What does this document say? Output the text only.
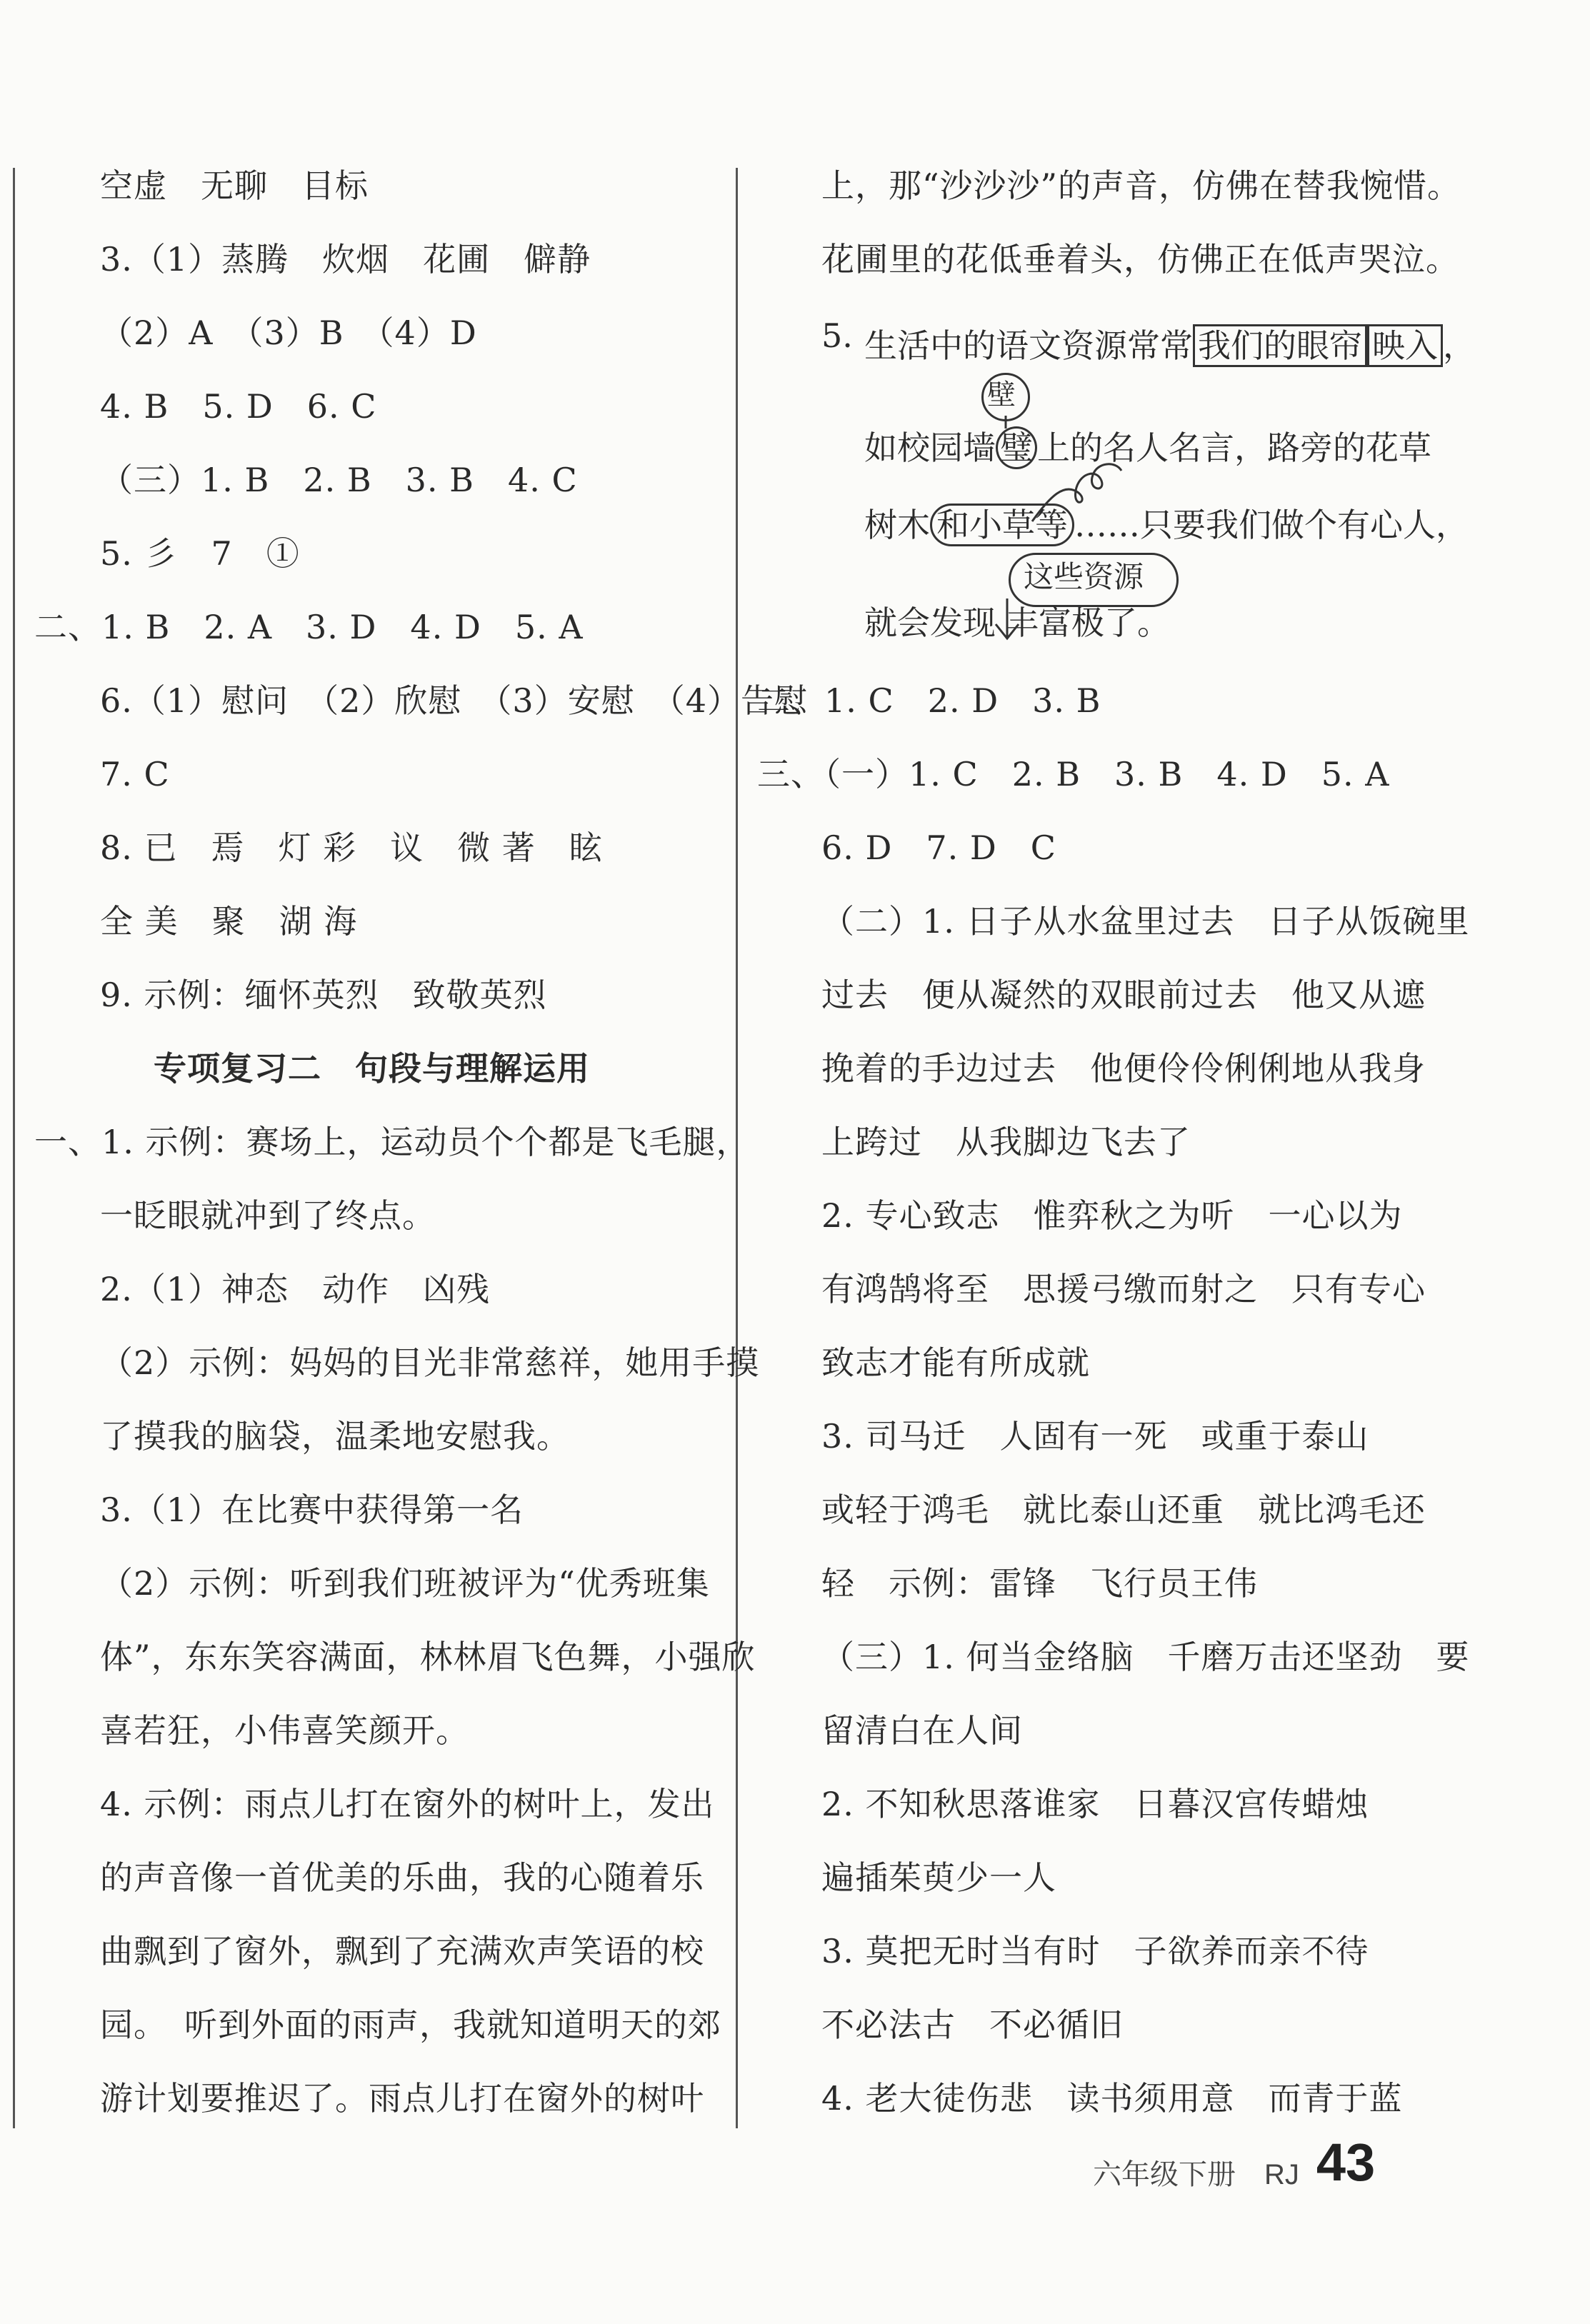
空虚　无聊　目标
3.（1）蒸腾　炊烟　花圃　僻静
（2）A　（3）B　（4）D
4. B　5. D　6. C
（三）1. B　2. B　3. B　4. C
5. 彡　7　①
二、1. B　2. A　3. D　4. D　5. A
6.（1）慰问　（2）欣慰　（3）安慰　（4）告慰
7. C
8. 已　焉　灯 彩　议　微 著　眩
全 美　聚　湖 海
9. 示例：缅怀英烈　致敬英烈
专项复习二　句段与理解运用
一、1. 示例：赛场上，运动员个个都是飞毛腿，
一眨眼就冲到了终点。
2.（1）神态　动作　凶残
（2）示例：妈妈的目光非常慈祥，她用手摸
了摸我的脑袋，温柔地安慰我。
3.（1）在比赛中获得第一名
（2）示例：听到我们班被评为“优秀班集
体”，东东笑容满面，林林眉飞色舞，小强欣
喜若狂，小伟喜笑颜开。
4. 示例：雨点儿打在窗外的树叶上，发出
的声音像一首优美的乐曲，我的心随着乐
曲飘到了窗外，飘到了充满欢声笑语的校
园。　听到外面的雨声，我就知道明天的郊
游计划要推迟了。雨点儿打在窗外的树叶
上，那“沙沙沙”的声音，仿佛在替我惋惜。
花圃里的花低垂着头，仿佛正在低声哭泣。
5. 生活中的语文资源常常 我们的眼帘 映入 ，
壁
如校园墙 璧 上的名人名言，路旁的花草
树木 和小草等 ……只要我们做个有心人，
这些资源
就会发现 丰富极了。
二、1. C　2. D　3. B
三、（一）1. C　2. B　3. B　4. D　5. A
6. D　7. D　C
（二）1. 日子从水盆里过去　日子从饭碗里
过去　便从凝然的双眼前过去　他又从遮
挽着的手边过去　他便伶伶俐俐地从我身
上跨过　从我脚边飞去了
2. 专心致志　惟弈秋之为听　一心以为
有鸿鹄将至　思援弓缴而射之　只有专心
致志才能有所成就
3. 司马迁　人固有一死　或重于泰山
或轻于鸿毛　就比泰山还重　就比鸿毛还
轻　示例：雷锋　飞行员王伟
（三）1. 何当金络脑　千磨万击还坚劲　要
留清白在人间
2. 不知秋思落谁家　日暮汉宫传蜡烛
遍插茱萸少一人
3. 莫把无时当有时　子欲养而亲不待
不必法古　不必循旧
4. 老大徒伤悲　读书须用意　而青于蓝
六年级下册　RJ 43
